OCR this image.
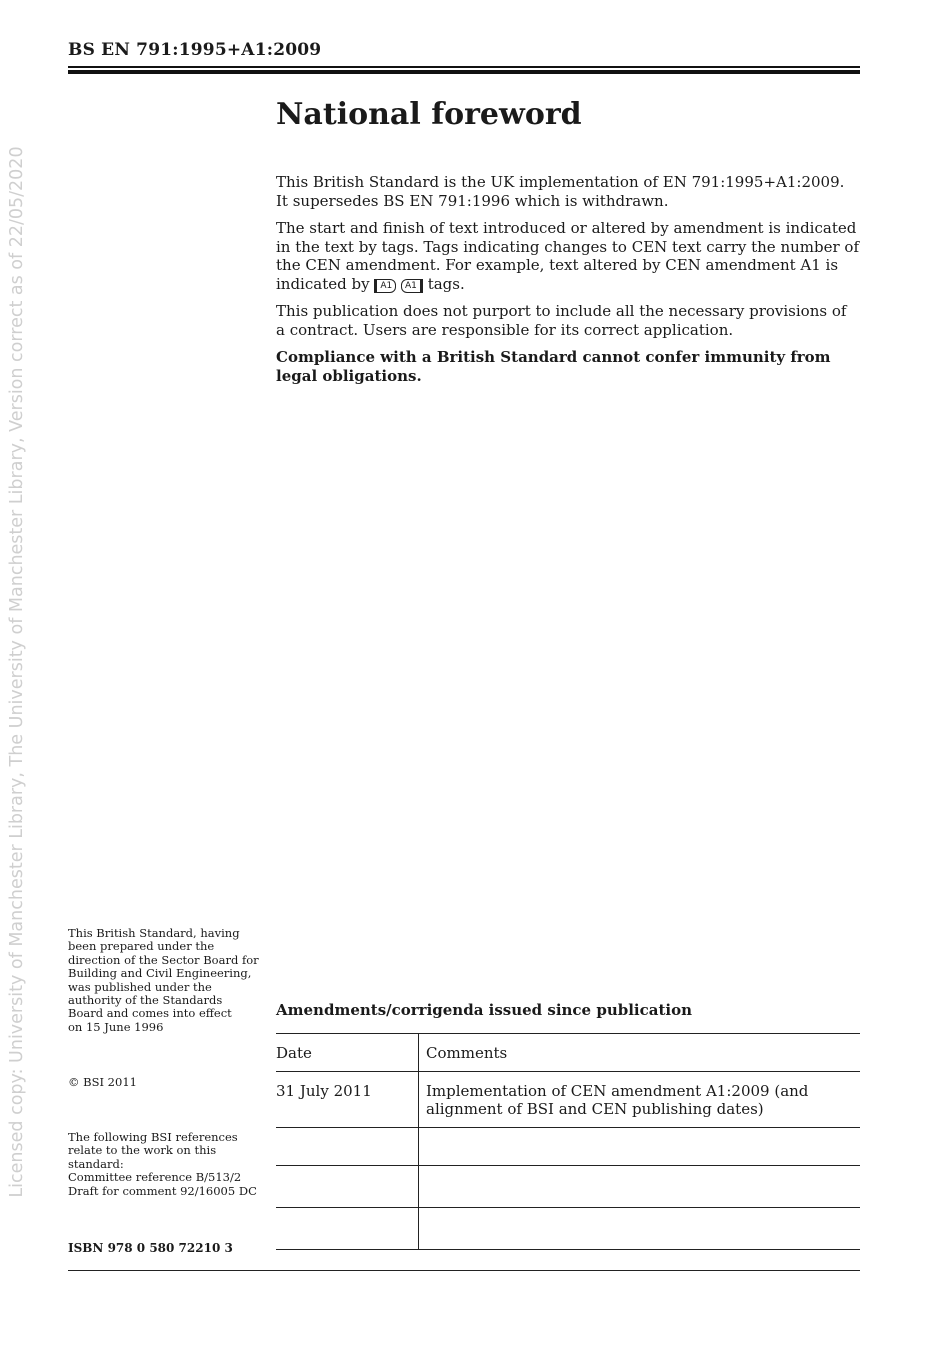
BS EN 791:1995+A1:2009
Licensed copy: University of Manchester Library, The University of Manchester Library, Version correct as of 22/05/2020
National foreword

This British Standard is the UK implementation of EN 791:1995+A1:2009. It supersedes BS EN 791:1996 which is withdrawn.

The start and finish of text introduced or altered by amendment is indicated in the text by tags. Tags indicating changes to CEN text carry the number of the CEN amendment. For example, text altered by CEN amendment A1 is indicated by A1 A1 tags.

This publication does not purport to include all the necessary provisions of a contract. Users are responsible for its correct application.

Compliance with a British Standard cannot confer immunity from legal obligations.

This British Standard, having

been prepared under the

direction of the Sector Board for

Building and Civil Engineering,

was published under the

authority of the Standards

Board and comes into effect

on 15 June 1996

© BSI 2011

The following BSI references

relate to the work on this

standard:

Committee reference B/513/2

Draft for comment 92/16005 DC

ISBN 978 0 580 72210 3
Amendments/corrigenda issued since publication
Date	Comments
31 July 2011	Implementation of CEN amendment A1:2009 (and
alignment of BSI and CEN publishing dates)
